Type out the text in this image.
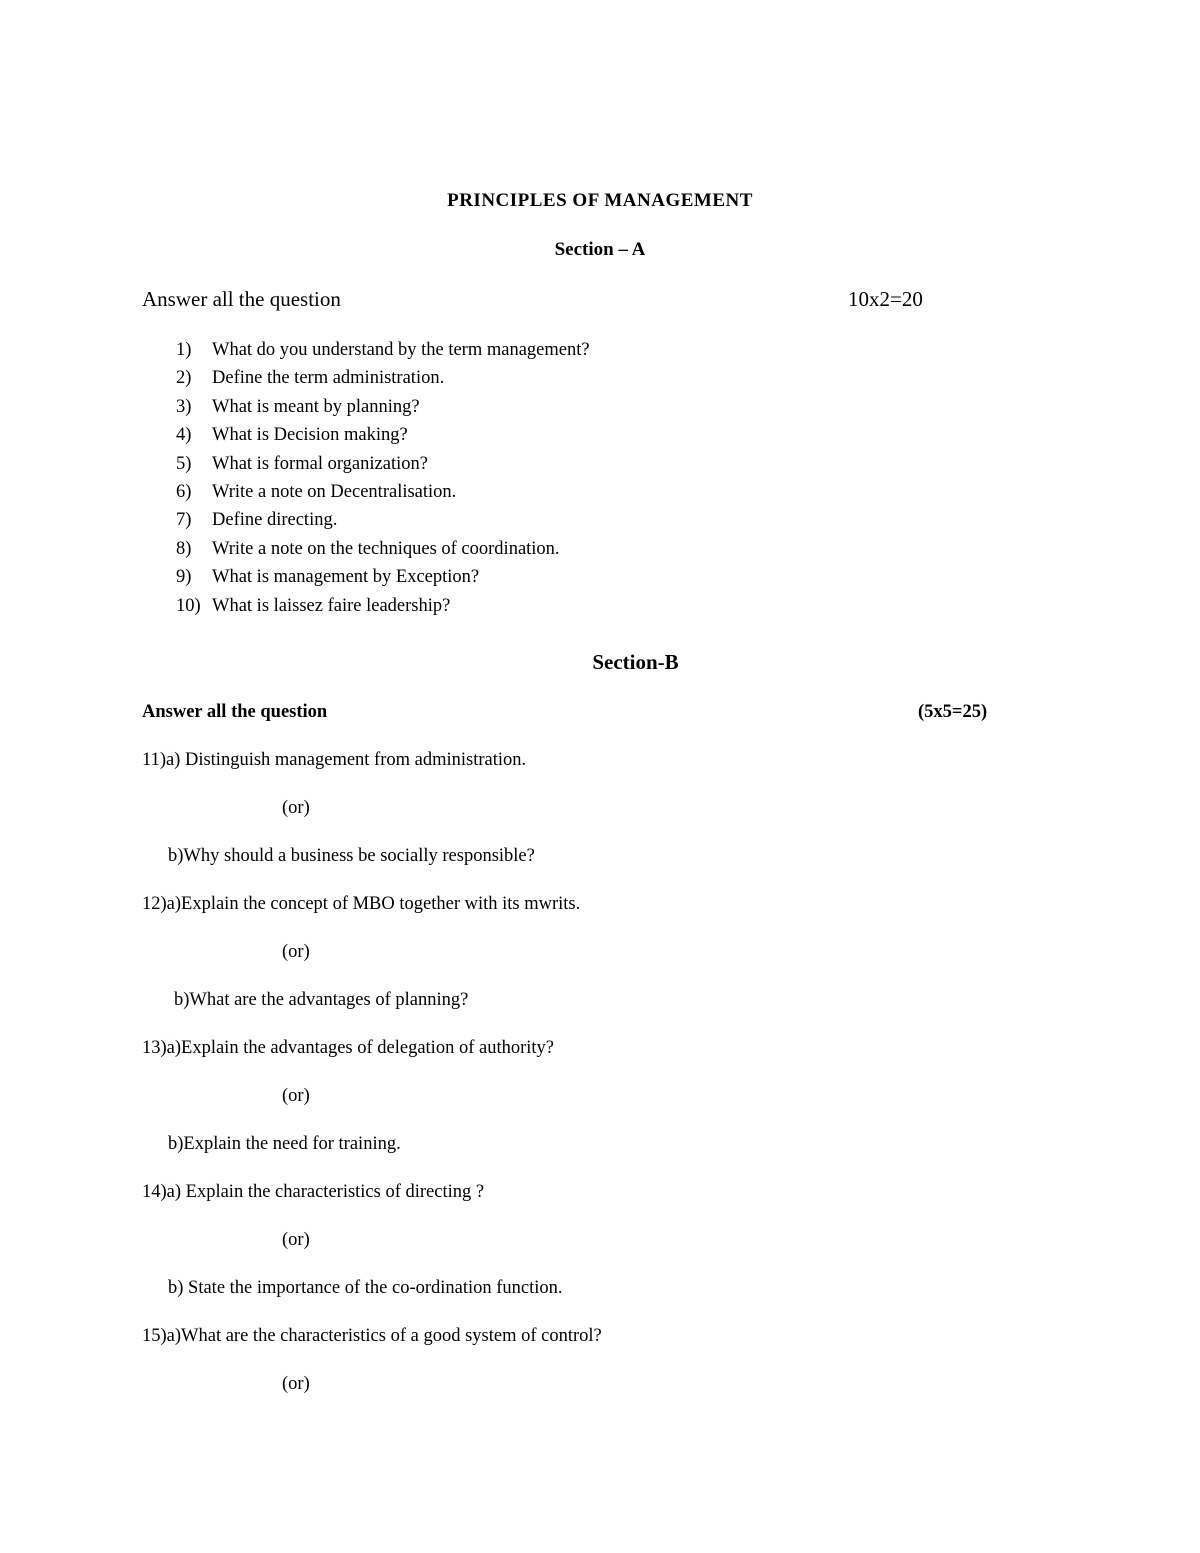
PRINCIPLES OF MANAGEMENT
Section – A
Answer all the question	10x2=20
1)	What do you understand by the term management?
2)	Define the term administration.
3)	What is meant by planning?
4)	What is Decision making?
5)	What is formal organization?
6)	Write a note on Decentralisation.
7)	Define directing.
8)	Write a note on the techniques of coordination.
9)	What is management by Exception?
10) What is laissez faire leadership?
Section-B
Answer all the question	(5x5=25)
11)a) Distinguish management from administration.
(or)
b)Why should a business be socially responsible?
12)a)Explain the concept of MBO together with its mwrits.
(or)
b)What are the advantages of planning?
13)a)Explain the advantages of delegation of authority?
(or)
b)Explain the need for training.
14)a) Explain the characteristics of directing ?
(or)
b) State the importance of the co-ordination function.
15)a)What are the characteristics of a good system of control?
(or)
